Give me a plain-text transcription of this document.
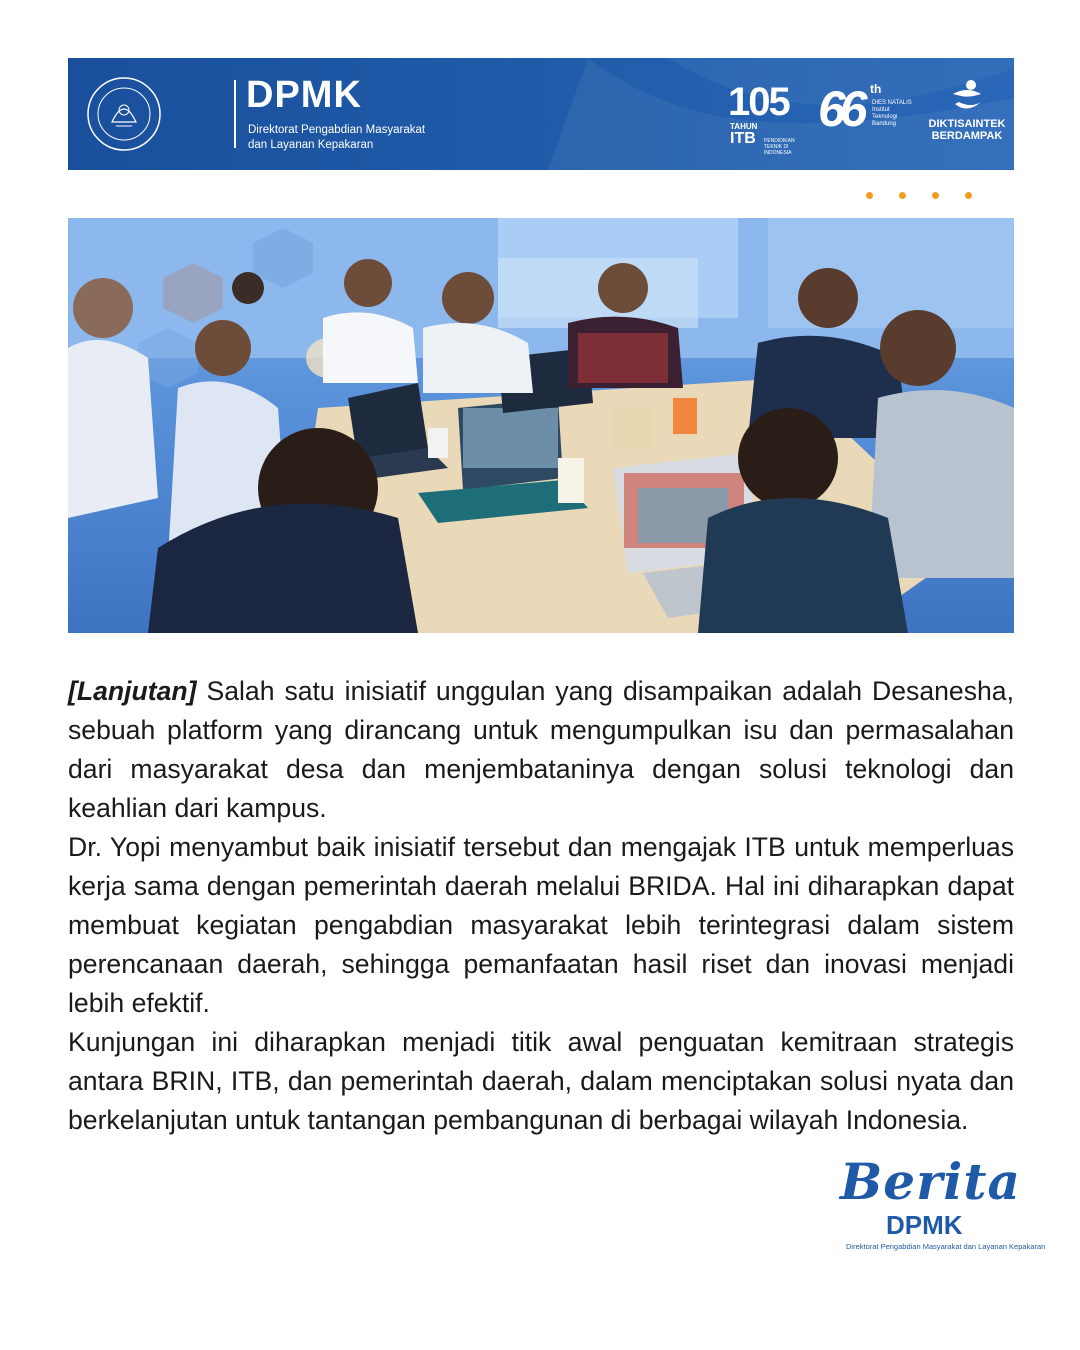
DPMK
Direktorat Pengabdian Masyarakat
dan Layanan Kepakaran
105
TAHUN
ITB PENDIDIKAN TEKNIK DI INDONESIA
66 th
DIES NATALIS Institut Teknologi Bandung	DIKTISAINTEK
BERDAMPAK

[Lanjutan] Salah satu inisiatif unggulan yang disampaikan adalah Desanesha, sebuah platform yang dirancang untuk mengumpulkan isu dan permasalahan dari masyarakat desa dan menjembataninya dengan solusi teknologi dan keahlian dari kampus.

Dr. Yopi menyambut baik inisiatif tersebut dan mengajak ITB untuk memperluas kerja sama dengan pemerintah daerah melalui BRIDA. Hal ini diharapkan dapat membuat kegiatan pengabdian masyarakat lebih terintegrasi dalam sistem perencanaan daerah, sehingga pemanfaatan hasil riset dan inovasi menjadi lebih efektif.

Kunjungan ini diharapkan menjadi titik awal penguatan kemitraan strategis antara BRIN, ITB, dan pemerintah daerah, dalam menciptakan solusi nyata dan berkelanjutan untuk tantangan pembangunan di berbagai wilayah Indonesia.

Berita
DPMK
Direktorat Pengabdian Masyarakat dan Layanan Kepakaran
